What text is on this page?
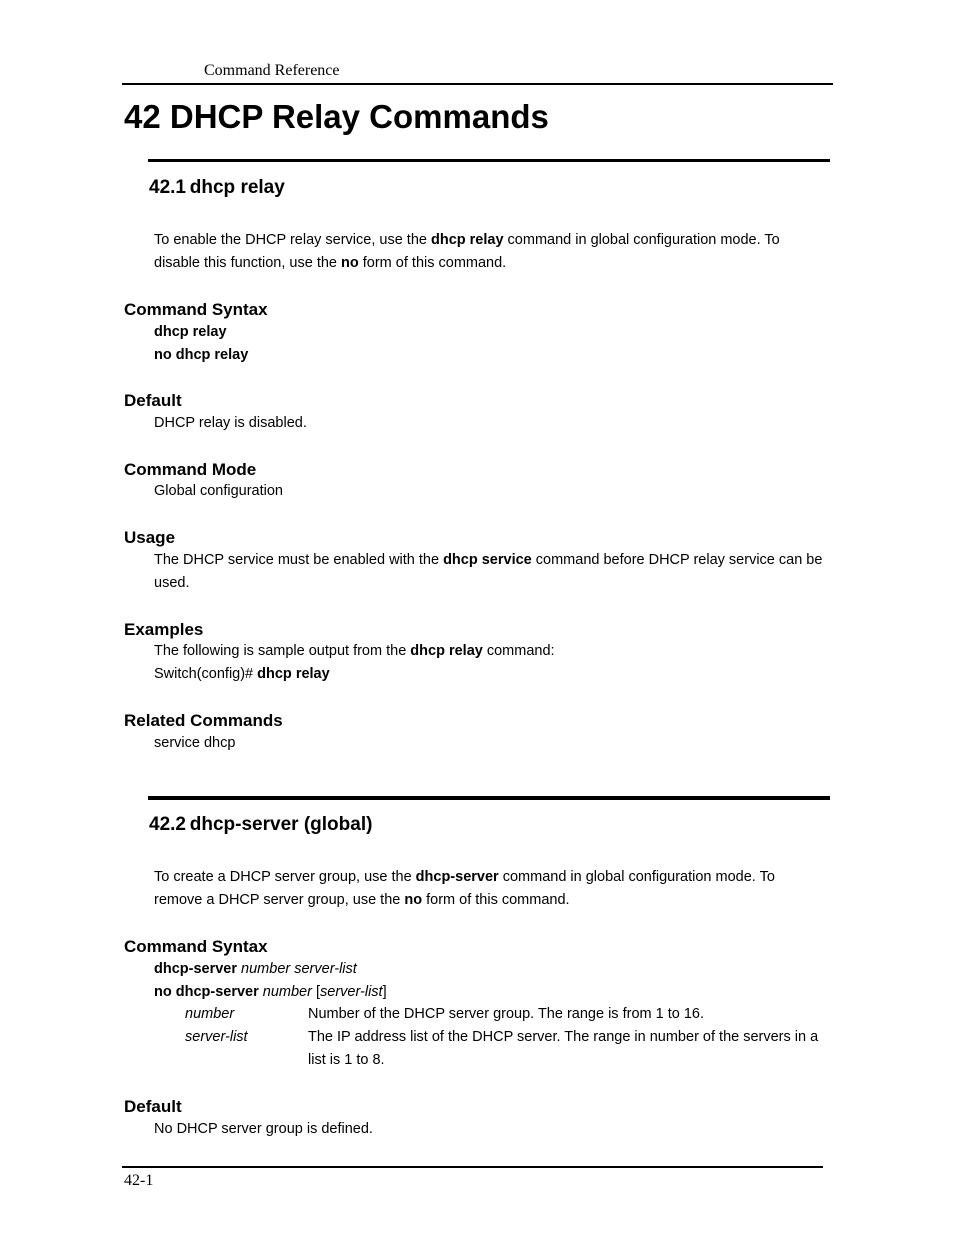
Command Reference
42 DHCP Relay Commands
42.1 dhcp relay
To enable the DHCP relay service, use the dhcp relay command in global configuration mode. To
disable this function, use the no form of this command.
Command Syntax
dhcp relay
no dhcp relay
Default
DHCP relay is disabled.
Command Mode
Global configuration
Usage
The DHCP service must be enabled with the dhcp service command before DHCP relay service can be
used.
Examples
The following is sample output from the dhcp relay command:
Switch(config)# dhcp relay
Related Commands
service dhcp
42.2 dhcp-server (global)
To create a DHCP server group, use the dhcp-server command in global configuration mode. To
remove a DHCP server group, use the no form of this command.
Command Syntax
dhcp-server number server-list
no dhcp-server number [server-list]
number	Number of the DHCP server group. The range is from 1 to 16.
server-list	The IP address list of the DHCP server. The range in number of the servers in a
list is 1 to 8.
Default
No DHCP server group is defined.
42-1
